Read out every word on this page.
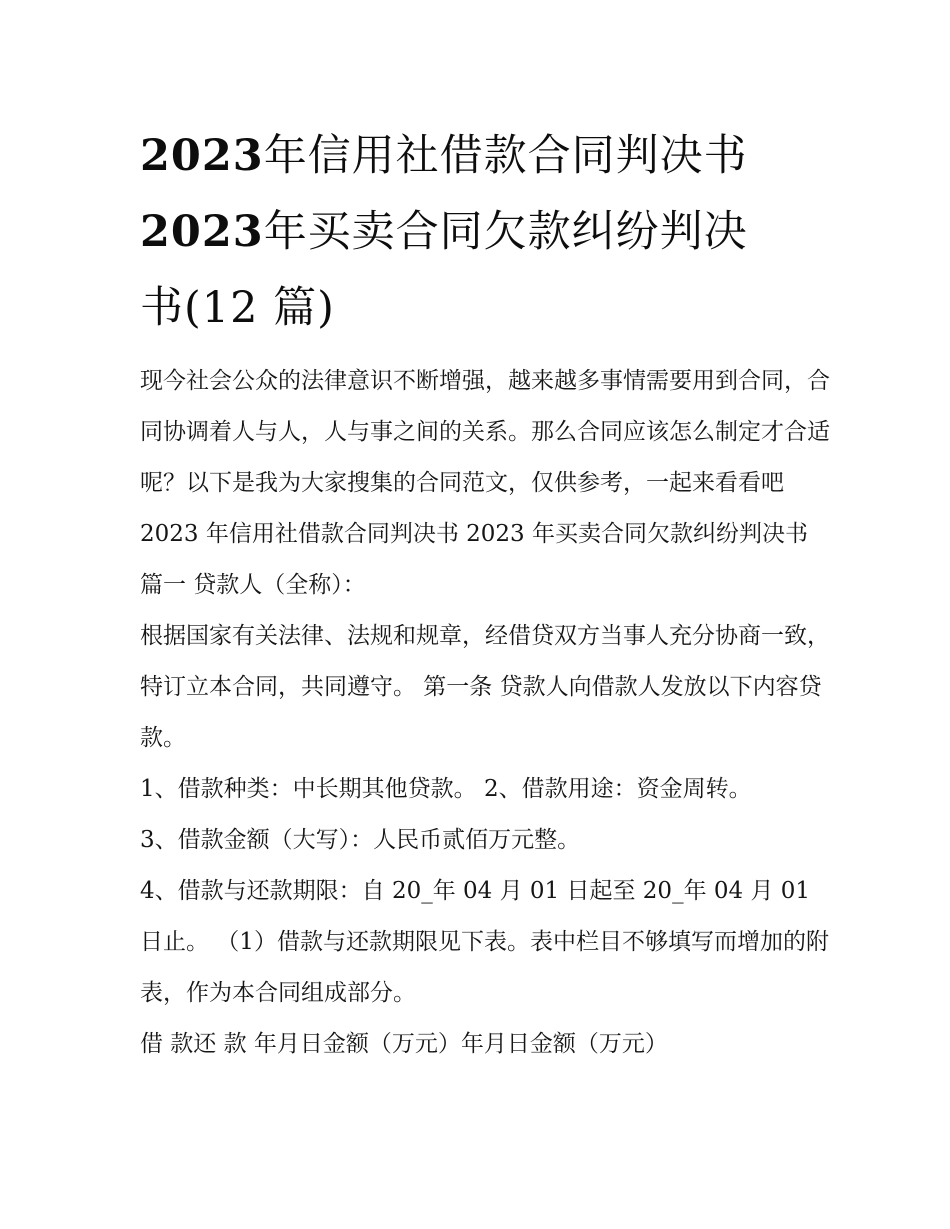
2023年信用社借款合同判决书
2023年买卖合同欠款纠纷判决
书(12 篇)

现今社会公众的法律意识不断增强，越来越多事情需要用到合同，合同协调着人与人，人与事之间的关系。那么合同应该怎么制定才合适呢？以下是我为大家搜集的合同范文，仅供参考，一起来看看吧

2023 年信用社借款合同判决书 2023 年买卖合同欠款纠纷判决书篇一 贷款人（全称）：

根据国家有关法律、法规和规章，经借贷双方当事人充分协商一致，特订立本合同，共同遵守。 第一条 贷款人向借款人发放以下内容贷款。

1、借款种类：中长期其他贷款。 2、借款用途：资金周转。

3、借款金额（大写）：人民币贰佰万元整。

4、借款与还款期限：自 20_年 04 月 01 日起至 20_年 04 月 01 日止。 （1）借款与还款期限见下表。表中栏目不够填写而增加的附表，作为本合同组成部分。

借 款还 款 年月日金额（万元）年月日金额（万元）
